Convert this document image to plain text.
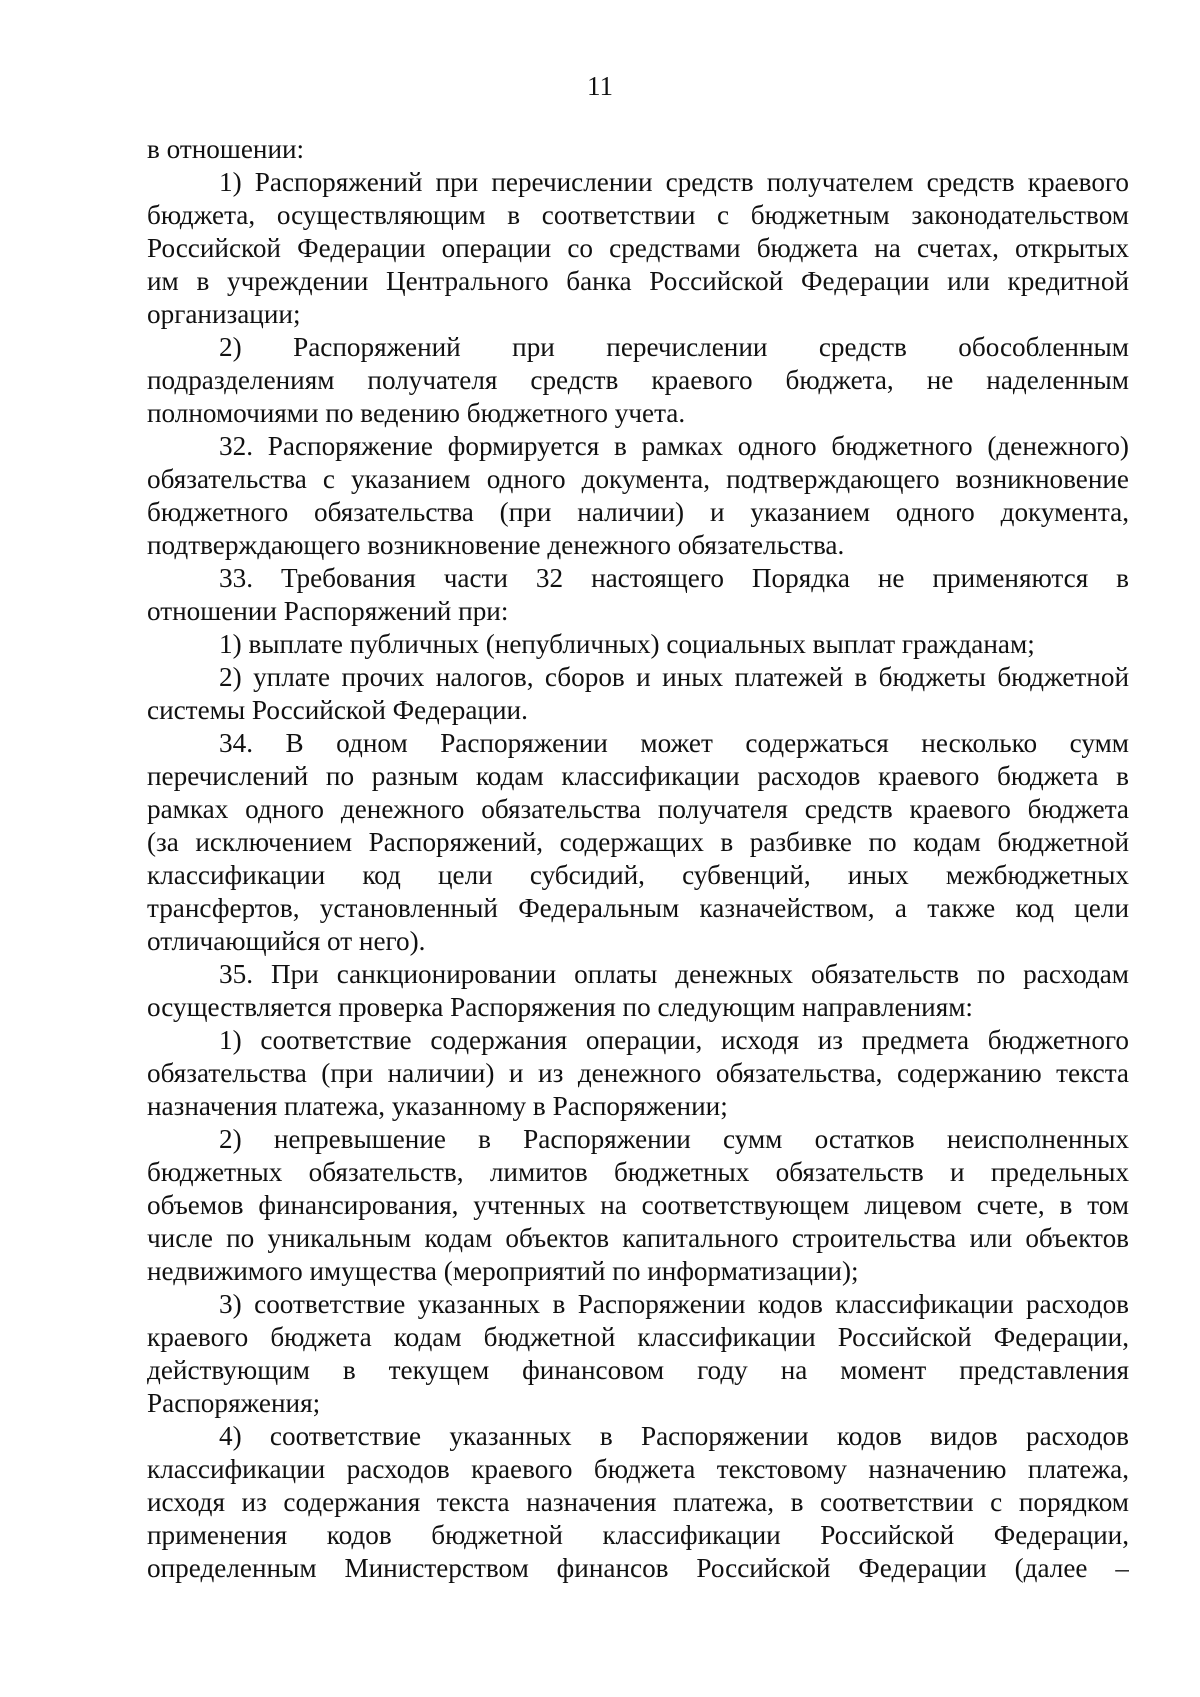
11
в отношении:
1) Распоряжений при перечислении средств получателем средств краевого
бюджета, осуществляющим в соответствии с бюджетным законодательством
Российской Федерации операции со средствами бюджета на счетах, открытых
им в учреждении Центрального банка Российской Федерации или кредитной
организации;
2) Распоряжений при перечислении средств обособленным
подразделениям получателя средств краевого бюджета, не наделенным
полномочиями по ведению бюджетного учета.
32. Распоряжение формируется в рамках одного бюджетного (денежного)
обязательства с указанием одного документа, подтверждающего возникновение
бюджетного обязательства (при наличии) и указанием одного документа,
подтверждающего возникновение денежного обязательства.
33. Требования части 32 настоящего Порядка не применяются в
отношении Распоряжений при:
1) выплате публичных (непубличных) социальных выплат гражданам;
2) уплате прочих налогов, сборов и иных платежей в бюджеты бюджетной
системы Российской Федерации.
34. В одном Распоряжении может содержаться несколько сумм
перечислений по разным кодам классификации расходов краевого бюджета в
рамках одного денежного обязательства получателя средств краевого бюджета
(за исключением Распоряжений, содержащих в разбивке по кодам бюджетной
классификации код цели субсидий, субвенций, иных межбюджетных
трансфертов, установленный Федеральным казначейством, а также код цели
отличающийся от него).
35. При санкционировании оплаты денежных обязательств по расходам
осуществляется проверка Распоряжения по следующим направлениям:
1) соответствие содержания операции, исходя из предмета бюджетного
обязательства (при наличии) и из денежного обязательства, содержанию текста
назначения платежа, указанному в Распоряжении;
2) непревышение в Распоряжении сумм остатков неисполненных
бюджетных обязательств, лимитов бюджетных обязательств и предельных
объемов финансирования, учтенных на соответствующем лицевом счете, в том
числе по уникальным кодам объектов капитального строительства или объектов
недвижимого имущества (мероприятий по информатизации);
3) соответствие указанных в Распоряжении кодов классификации расходов
краевого бюджета кодам бюджетной классификации Российской Федерации,
действующим в текущем финансовом году на момент представления
Распоряжения;
4) соответствие указанных в Распоряжении кодов видов расходов
классификации расходов краевого бюджета текстовому назначению платежа,
исходя из содержания текста назначения платежа, в соответствии с порядком
применения кодов бюджетной классификации Российской Федерации,
определенным Министерством финансов Российской Федерации (далее –
